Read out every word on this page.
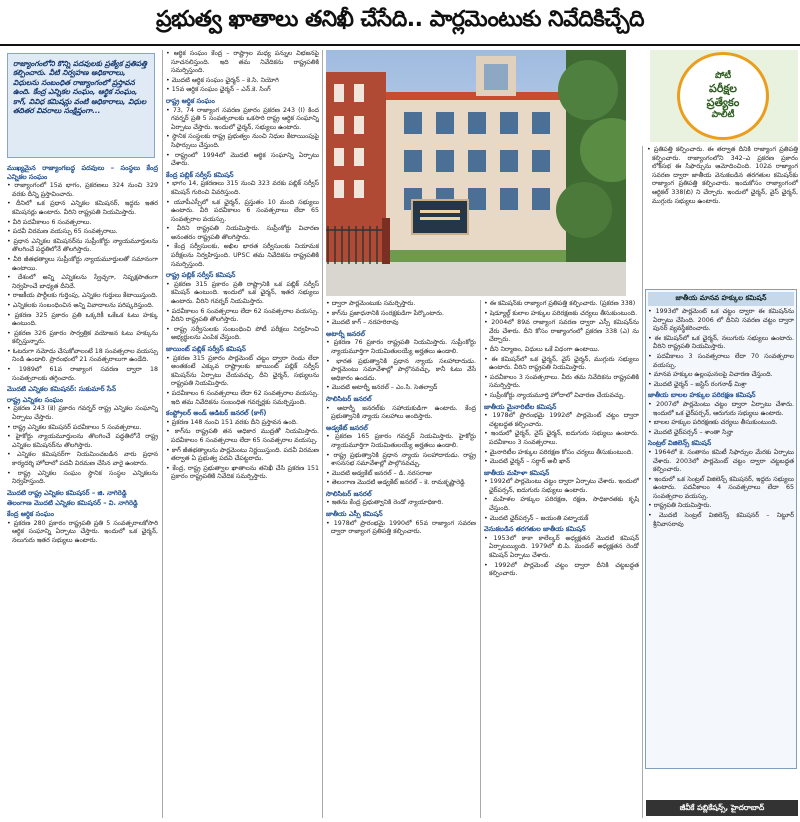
ప్రభుత్వ ఖాతాలు తనిఖీ చేసేది.. పార్లమెంటుకు నివేదికిచ్చేది
రాజ్యాంగంలోని కొన్ని పదవులకు ప్రత్యేక ప్రతిపత్తి కల్పించారు. వీటి నిర్వహణ అధికారాలు, విధులను సంబంధిత రాజ్యాంగంలో ప్రస్తావన ఉంది. కేంద్ర ఎన్నికల సంఘం, ఆర్థిక సంఘం, కాగ్, వివిధ కమిషన్లు వంటి అధికారాలు, విధుల తదితర వివరాలు సంక్షిప్తంగా...

ముఖ్యమైన రాజ్యాంగబద్ధ పదవులు – సంస్థలు కేంద్ర ఎన్నికల సంఘం

• రాజ్యాంగంలో 15వ భాగం, ప్రకరణలు 324 నుంచి 329 వరకు దీన్ని ప్రస్తావించారు.

• దీనిలో ఒక ప్రధాన ఎన్నికల కమిషనర్, ఇద్దరు ఇతర కమిషనర్లు ఉంటారు. వీరిని రాష్ట్రపతి నియమిస్తారు.

• వీరి పదవీకాలం 6 సంవత్సరాలు.

• పదవీ విరమణ వయస్సు 65 సంవత్సరాలు.

• ప్రధాన ఎన్నికల కమిషనర్‌ను సుప్రీంకోర్టు న్యాయమూర్తులను తొలగించే పద్ధతిలోనే తొలగిస్తారు.

• వీరి జీతభత్యాలు సుప్రీంకోర్టు న్యాయమూర్తులతో సమానంగా ఉంటాయి.

• దేశంలో అన్ని ఎన్నికలను స్వేచ్ఛగా, నిష్పక్షపాతంగా నిర్వహించే బాధ్యత దీనిదే.

• రాజకీయ పార్టీలకు గుర్తింపు, ఎన్నికల గుర్తులు కేటాయిస్తుంది.

• ఎన్నికలకు సంబంధించిన అన్ని వివాదాలను పరిష్కరిస్తుంది.

• ప్రకరణ 325 ప్రకారం ప్రతి ఒక్కరికీ ఒకేఒక ఓటు హక్కు ఉంటుంది.

• ప్రకరణ 326 ప్రకారం సార్వత్రిక వయోజన ఓటు హక్కును కల్పిస్తున్నారు.

• ఓటరుగా నమోదు చేసుకోవాలంటే 18 సంవత్సరాల వయస్సు నిండి ఉండాలి. ప్రారంభంలో 21 సంవత్సరాలుగా ఉండేది.

• 1989లో 61వ రాజ్యాంగ సవరణ ద్వారా 18 సంవత్సరాలకు తగ్గించారు.

మొదటి ఎన్నికల కమిషనర్: సుకుమార్ సేన్

రాష్ట్ర ఎన్నికల సంఘం

• ప్రకరణ 243 (కె) ప్రకారం గవర్నర్ రాష్ట్ర ఎన్నికల సంఘాన్ని ఏర్పాటు చేస్తారు.

• రాష్ట్ర ఎన్నికల కమిషనర్ పదవీకాలం 5 సంవత్సరాలు.

• హైకోర్టు న్యాయమూర్తులను తొలగించే పద్ధతిలోనే రాష్ట్ర ఎన్నికల కమిషనర్‌ను తొలగిస్తారు.

• ఎన్నికల కమిషనర్‌గా నియమించబడిన వారు ప్రధాన కార్యదర్శి హోదాలో పదవీ విరమణ చేసిన వారై ఉంటారు.

• రాష్ట్ర ఎన్నికల సంఘం స్థానిక సంస్థల ఎన్నికలను నిర్వహిస్తుంది.

మొదటి రాష్ట్ర ఎన్నికల కమిషనర్ – జి. నాగిరెడ్డి

తెలంగాణ మొదటి ఎన్నికల కమిషనర్ – వి. నాగిరెడ్డి

కేంద్ర ఆర్థిక సంఘం

• ప్రకరణ 280 ప్రకారం రాష్ట్రపతి ప్రతి 5 సంవత్సరాలకోసారి ఆర్థిక సంఘాన్ని ఏర్పాటు చేస్తారు. ఇందులో ఒక ఛైర్మన్, నలుగురు ఇతర సభ్యులు ఉంటారు.

• ఆర్థిక సంఘం కేంద్ర – రాష్ట్రాల మధ్య పన్నుల విభజనపై సూచనలిస్తుంది. ఇది తమ నివేదికను రాష్ట్రపతికి సమర్పిస్తుంది.

• మొదటి ఆర్థిక సంఘం ఛైర్మన్ – కె.సి. నియోగి

• 15వ ఆర్థిక సంఘం ఛైర్మన్ – ఎన్.కె. సింగ్

రాష్ట్ర ఆర్థిక సంఘం

• 73, 74 రాజ్యాంగ సవరణ ప్రకారం ప్రకరణ 243 (I) కింద గవర్నర్ ప్రతి 5 సంవత్సరాలకు ఒకసారి రాష్ట్ర ఆర్థిక సంఘాన్ని ఏర్పాటు చేస్తారు. ఇందులో ఛైర్మన్, సభ్యులు ఉంటారు.

• స్థానిక సంస్థలకు రాష్ట్ర ప్రభుత్వం నుంచి నిధుల కేటాయింపుపై సిఫార్సులు చేస్తుంది.

• రాష్ట్రంలో 1994లో మొదటి ఆర్థిక సంఘాన్ని ఏర్పాటు చేశారు.

కేంద్ర పబ్లిక్ సర్వీస్ కమిషన్

• భాగం 14, ప్రకరణలు 315 నుంచి 323 వరకు పబ్లిక్ సర్వీస్ కమిషన్ గురించి వివరిస్తుంది.

• యూపీఎస్సీలో ఒక ఛైర్మన్, ప్రస్తుతం 10 మంది సభ్యులు ఉంటారు. వీరి పదవీకాలం 6 సంవత్సరాలు లేదా 65 సంవత్సరాల వయస్సు.

• వీరిని రాష్ట్రపతి నియమిస్తారు. సుప్రీంకోర్టు విచారణ అనంతరం రాష్ట్రపతి తొలగిస్తారు.

• కేంద్ర సర్వీసులకు, అఖిల భారత సర్వీసులకు నియామక పరీక్షలను నిర్వహిస్తుంది. UPSC తమ నివేదికను రాష్ట్రపతికి సమర్పిస్తుంది.

రాష్ట్ర పబ్లిక్ సర్వీస్ కమిషన్

• ప్రకరణ 315 ప్రకారం ప్రతి రాష్ట్రానికి ఒక పబ్లిక్ సర్వీస్ కమిషన్ ఉంటుంది. ఇందులో ఒక ఛైర్మన్, ఇతర సభ్యులు ఉంటారు. వీరిని గవర్నర్ నియమిస్తారు.

• పదవీకాలం 6 సంవత్సరాలు లేదా 62 సంవత్సరాల వయస్సు. వీరిని రాష్ట్రపతి తొలగిస్తారు.

• రాష్ట్ర సర్వీసులకు సంబంధించి పోటీ పరీక్షలు నిర్వహించి అభ్యర్థులను ఎంపిక చేస్తుంది.

జాయింట్ పబ్లిక్ సర్వీస్ కమిషన్

• ప్రకరణ 315 ప్రకారం పార్లమెంట్ చట్టం ద్వారా రెండు లేదా అంతకంటే ఎక్కువ రాష్ట్రాలకు జాయింట్ పబ్లిక్ సర్వీస్ కమిషన్‌ను ఏర్పాటు చేయవచ్చు. దీని ఛైర్మన్, సభ్యులను రాష్ట్రపతి నియమిస్తారు.

• పదవీకాలం 6 సంవత్సరాలు లేదా 62 సంవత్సరాల వయస్సు. ఇది తమ నివేదికను సంబంధిత గవర్నర్లకు సమర్పిస్తుంది.

కంప్ట్రోలర్ అండ్ ఆడిటర్ జనరల్ (కాగ్)

• ప్రకరణ 148 నుంచి 151 వరకు దీని ప్రస్తావన ఉంది.

• కాగ్‌ను రాష్ట్రపతి తన అధికార ముద్రతో నియమిస్తారు. పదవీకాలం 6 సంవత్సరాలు లేదా 65 సంవత్సరాల వయస్సు.

• కాగ్ జీతభత్యాలను పార్లమెంటు నిర్ణయిస్తుంది. పదవీ విరమణ తర్వాత ఏ ప్రభుత్వ పదవి చేపట్టరాదు.

• కేంద్ర, రాష్ట్ర ప్రభుత్వాల ఖాతాలను తనిఖీ చేసి ప్రకరణ 151 ప్రకారం రాష్ట్రపతికి నివేదిక సమర్పిస్తారు.

పోటీ
పరీక్షల
ప్రత్యేకం
పాలిటీ

• ద్వారా పార్లమెంటుకు సమర్పిస్తారు.

• కాగ్‌ను ప్రజాధనానికి సంరక్షకుడిగా పేర్కొంటారు.

• మొదటి కాగ్ – నరహరిరావు

అటార్నీ జనరల్

• ప్రకరణ 76 ప్రకారం రాష్ట్రపతి నియమిస్తారు. సుప్రీంకోర్టు న్యాయమూర్తిగా నియమితులయ్యే అర్హతలు ఉండాలి.

• భారత ప్రభుత్వానికి ప్రధాన న్యాయ సలహాదారుడు. పార్లమెంటు సమావేశాల్లో పాల్గొనవచ్చు, కానీ ఓటు వేసే అధికారం ఉండదు.

• మొదటి అటార్నీ జనరల్ – ఎం.సి. సెతల్వాద్

సొలిసిటర్ జనరల్

• అటార్నీ జనరల్‌కు సహాయకుడిగా ఉంటారు. కేంద్ర ప్రభుత్వానికి న్యాయ సలహాలు అందిస్తారు.

అడ్వకేట్ జనరల్

• ప్రకరణ 165 ప్రకారం గవర్నర్ నియమిస్తారు. హైకోర్టు న్యాయమూర్తిగా నియమితులయ్యే అర్హతలు ఉండాలి.

• రాష్ట్ర ప్రభుత్వానికి ప్రధాన న్యాయ సలహాదారుడు. రాష్ట్ర శాసనసభ సమావేశాల్లో పాల్గొనవచ్చు.

• మొదటి అడ్వకేట్ జనరల్ – డి. నరసరాజు

• తెలంగాణ మొదటి అడ్వకేట్ జనరల్ – కె. రామకృష్ణారెడ్డి

సొలిసిటర్ జనరల్

• ఇతను కేంద్ర ప్రభుత్వానికి రెండో న్యాయాధికారి.

జాతీయ ఎస్సీ కమిషన్

• 1978లో ప్రారంభమై 1990లో 65వ రాజ్యాంగ సవరణ ద్వారా రాజ్యాంగ ప్రతిపత్తి కల్పించారు.

• ఈ కమిషన్‌కు రాజ్యాంగ ప్రతిపత్తి కల్పించారు. (ప్రకరణ 338)

• షెడ్యూల్డ్ కులాల హక్కుల పరిరక్షణకు చర్యలు తీసుకుంటుంది.

• 2004లో 89వ రాజ్యాంగ సవరణ ద్వారా ఎస్సీ కమిషన్‌ను వేరు చేశారు. దీని కోసం రాజ్యాంగంలో ప్రకరణ 338 (ఎ) ను చేర్చారు.

• దీని నిర్మాణం, విధులు ఒకే విధంగా ఉంటాయి.

• ఈ కమిషన్‌లో ఒక ఛైర్మన్, వైస్ ఛైర్మన్, ముగ్గురు సభ్యులు ఉంటారు. వీరిని రాష్ట్రపతి నియమిస్తారు.

• పదవీకాలం 3 సంవత్సరాలు. వీరు తమ నివేదికను రాష్ట్రపతికి సమర్పిస్తారు.

• సుప్రీంకోర్టు న్యాయమూర్తి హోదాలో విచారణ చేయవచ్చు.

జాతీయ మైనారిటీల కమిషన్

• 1978లో ప్రారంభమై 1992లో పార్లమెంట్ చట్టం ద్వారా చట్టబద్ధత కల్పించారు.

• ఇందులో ఛైర్మన్, వైస్ ఛైర్మన్, ఐదుగురు సభ్యులు ఉంటారు. పదవీకాలం 3 సంవత్సరాలు.

• మైనారిటీల హక్కుల పరిరక్షణ కోసం చర్యలు తీసుకుంటుంది.

• మొదటి ఛైర్మన్ – సర్దార్ అలీ ఖాన్

జాతీయ మహిళా కమిషన్

• 1992లో పార్లమెంటు చట్టం ద్వారా ఏర్పాటు చేశారు. ఇందులో ఛైర్‌పర్సన్, ఐదుగురు సభ్యులు ఉంటారు.

• మహిళల హక్కుల పరిరక్షణ, రక్షణ, సాధికారతకు కృషి చేస్తుంది.

• మొదటి ఛైర్‌పర్సన్ – జయంతి పట్నాయక్

వెనుకబడిన తరగతుల జాతీయ కమిషన్

• 1953లో కాకా కాలేల్కర్ అధ్యక్షతన మొదటి కమిషన్ ఏర్పాటయ్యింది. 1979లో బి.పి. మండల్ అధ్యక్షతన రెండో కమిషన్ ఏర్పాటు చేశారు.

• 1992లో పార్లమెంట్ చట్టం ద్వారా దీనికి చట్టబద్ధత కల్పించారు.

• ప్రతిపత్తి కల్పించారు. ఈ తర్వాత దీనికి రాజ్యాంగ ప్రతిపత్తి కల్పించారు. రాజ్యాంగంలోని 342–ఎ ప్రకరణ ప్రకారం లోక్‌సభ ఈ సిఫార్సును ఆమోదించింది. 102వ రాజ్యాంగ సవరణ ద్వారా జాతీయ వెనుకబడిన తరగతుల కమిషన్‌కు రాజ్యాంగ ప్రతిపత్తి కల్పించారు. ఇందుకోసం రాజ్యాంగంలో ఆర్టికల్ 338(బి) ని చేర్చారు. ఇందులో ఛైర్మన్, వైస్ ఛైర్మన్, ముగ్గురు సభ్యులు ఉంటారు.

జాతీయ మానవ హక్కుల కమిషన్

• 1993లో పార్లమెంట్ ఒక చట్టం ద్వారా ఈ కమిషన్‌ను ఏర్పాటు చేసింది. 2006 లో దీనిని సవరణ చట్టం ద్వారా పునర్ వ్యవస్థీకరించారు.

• ఈ కమిషన్‌లో ఒక ఛైర్మన్, నలుగురు సభ్యులు ఉంటారు. వీరిని రాష్ట్రపతి నియమిస్తారు.

• పదవీకాలం 3 సంవత్సరాలు లేదా 70 సంవత్సరాల వయస్సు.

• మానవ హక్కుల ఉల్లంఘనలపై విచారణ చేస్తుంది.

• మొదటి ఛైర్మన్ – జస్టిస్ రంగనాథ్ మిశ్రా

జాతీయ బాలల హక్కుల పరిరక్షణ కమిషన్

• 2007లో పార్లమెంటు చట్టం ద్వారా ఏర్పాటు చేశారు. ఇందులో ఒక ఛైర్‌పర్సన్, ఆరుగురు సభ్యులు ఉంటారు.

• బాలల హక్కుల పరిరక్షణకు చర్యలు తీసుకుంటుంది.

• మొదటి ఛైర్‌పర్సన్ – శాంతా సిన్హా

సెంట్రల్ విజిలెన్స్ కమిషన్

• 1964లో కె. సంతానం కమిటీ సిఫార్సుల మేరకు ఏర్పాటు చేశారు. 2003లో పార్లమెంట్ చట్టం ద్వారా చట్టబద్ధత కల్పించారు.

• ఇందులో ఒక సెంట్రల్ విజిలెన్స్ కమిషనర్, ఇద్దరు సభ్యులు ఉంటారు. పదవీకాలం 4 సంవత్సరాలు లేదా 65 సంవత్సరాల వయస్సు.

• రాష్ట్రపతి నియమిస్తారు.

• మొదటి సెంట్రల్ విజిలెన్స్ కమిషనర్ – నిట్టూర్ శ్రీనివాసరావు

జీవీకే పబ్లికేషన్స్, హైదరాబాద్
